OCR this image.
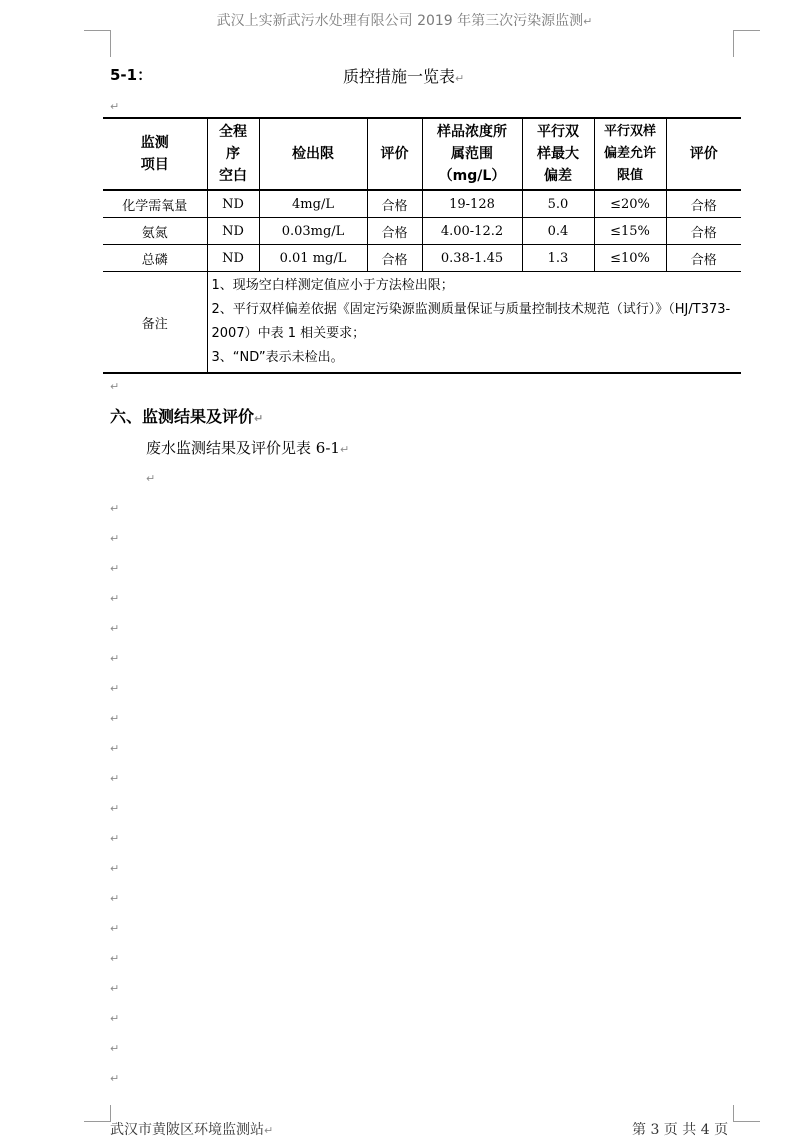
武汉上实新武污水处理有限公司 2019 年第三次污染源监测↵
5-1：	质控措施一览表↵
↵
监测
项目	全程
序
空白	检出限	评价	样品浓度所
属范围
（mg/L）	平行双
样最大
偏差	平行双样
偏差允许
限值	评价
化学需氧量	ND	4mg/L	合格	19-128	5.0	≤20%	合格
氨氮	ND	0.03mg/L	合格	4.00-12.2	0.4	≤15%	合格
总磷	ND	0.01 mg/L	合格	0.38-1.45	1.3	≤10%	合格
备注	1、现场空白样测定值应小于方法检出限；
2、平行双样偏差依据《固定污染源监测质量保证与质量控制技术规范（试行）》（HJ/T373-2007）中表 1 相关要求；
3、“ND”表示未检出。						
↵
六、监测结果及评价↵
废水监测结果及评价见表 6-1↵
↵
↵
↵
↵
↵
↵
↵
↵
↵
↵
↵
↵
↵
↵
↵
↵
↵
↵
↵
↵
↵
武汉市黄陂区环境监测站↵	第 3 页 共 4 页
